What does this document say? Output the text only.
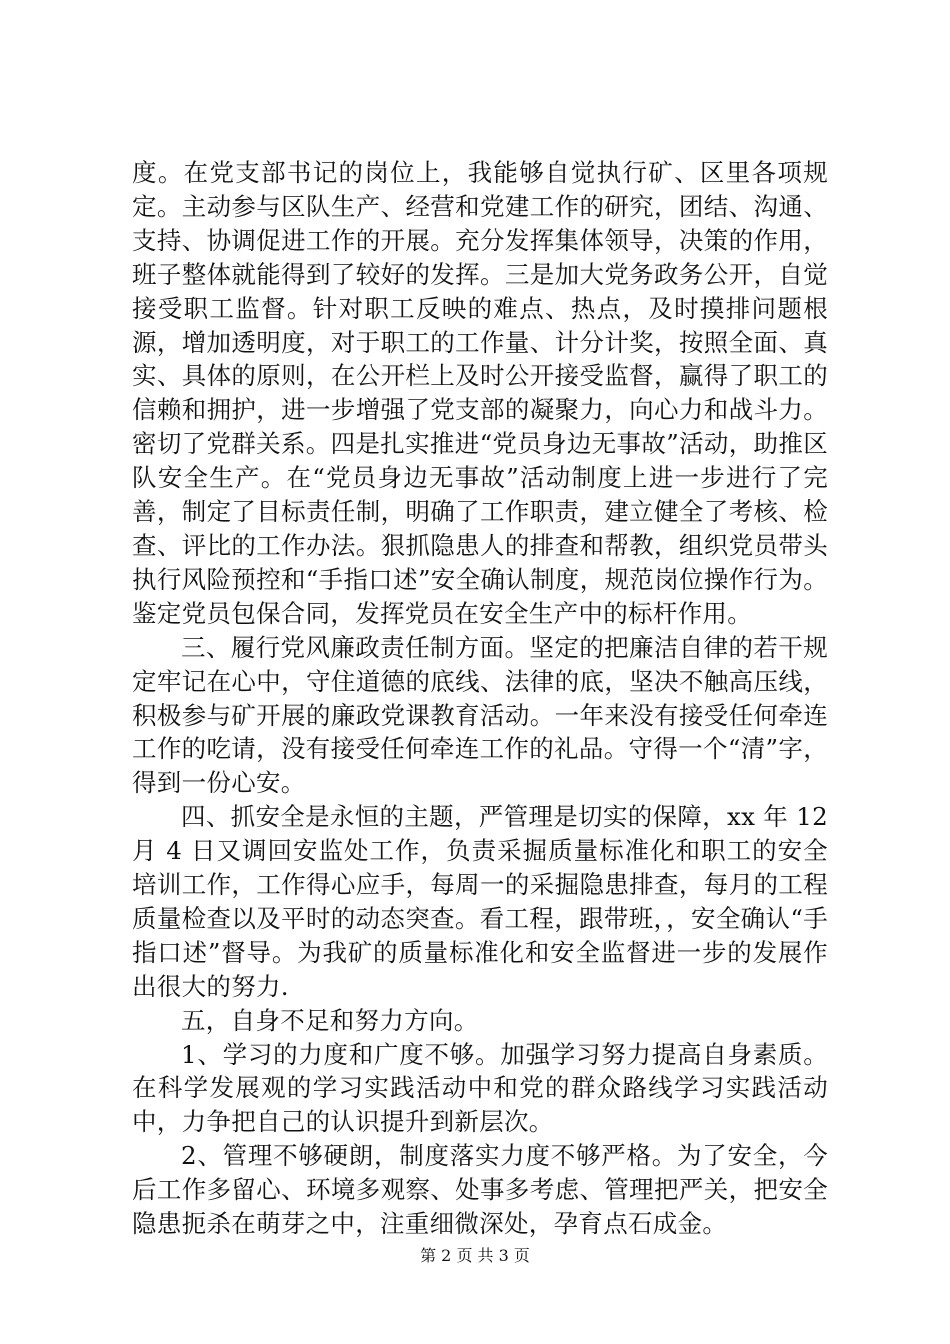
度。在党支部书记的岗位上，我能够自觉执行矿、区里各项规定。主动参与区队生产、经营和党建工作的研究，团结、沟通、支持、协调促进工作的开展。充分发挥集体领导，决策的作用，班子整体就能得到了较好的发挥。三是加大党务政务公开，自觉接受职工监督。针对职工反映的难点、热点，及时摸排问题根源，增加透明度，对于职工的工作量、计分计奖，按照全面、真实、具体的原则，在公开栏上及时公开接受监督，赢得了职工的信赖和拥护，进一步增强了党支部的凝聚力，向心力和战斗力。密切了党群关系。四是扎实推进“党员身边无事故”活动，助推区队安全生产。在“党员身边无事故”活动制度上进一步进行了完善，制定了目标责任制，明确了工作职责，建立健全了考核、检查、评比的工作办法。狠抓隐患人的排查和帮教，组织党员带头执行风险预控和“手指口述”安全确认制度，规范岗位操作行为。鉴定党员包保合同，发挥党员在安全生产中的标杆作用。

三、履行党风廉政责任制方面。坚定的把廉洁自律的若干规定牢记在心中，守住道德的底线、法律的底，坚决不触高压线，积极参与矿开展的廉政党课教育活动。一年来没有接受任何牵连工作的吃请，没有接受任何牵连工作的礼品。守得一个“清”字，得到一份心安。

四、抓安全是永恒的主题，严管理是切实的保障，xx 年 12 月 4 日又调回安监处工作，负责采掘质量标准化和职工的安全培训工作，工作得心应手，每周一的采掘隐患排查，每月的工程质量检查以及平时的动态突查。看工程，跟带班，，安全确认“手指口述”督导。为我矿的质量标准化和安全监督进一步的发展作出很大的努力.

五，自身不足和努力方向。

1、学习的力度和广度不够。加强学习努力提高自身素质。在科学发展观的学习实践活动中和党的群众路线学习实践活动中，力争把自己的认识提升到新层次。

2、管理不够硬朗，制度落实力度不够严格。为了安全，今后工作多留心、环境多观察、处事多考虑、管理把严关，把安全隐患扼杀在萌芽之中，注重细微深处，孕育点石成金。

第 2 页 共 3 页
